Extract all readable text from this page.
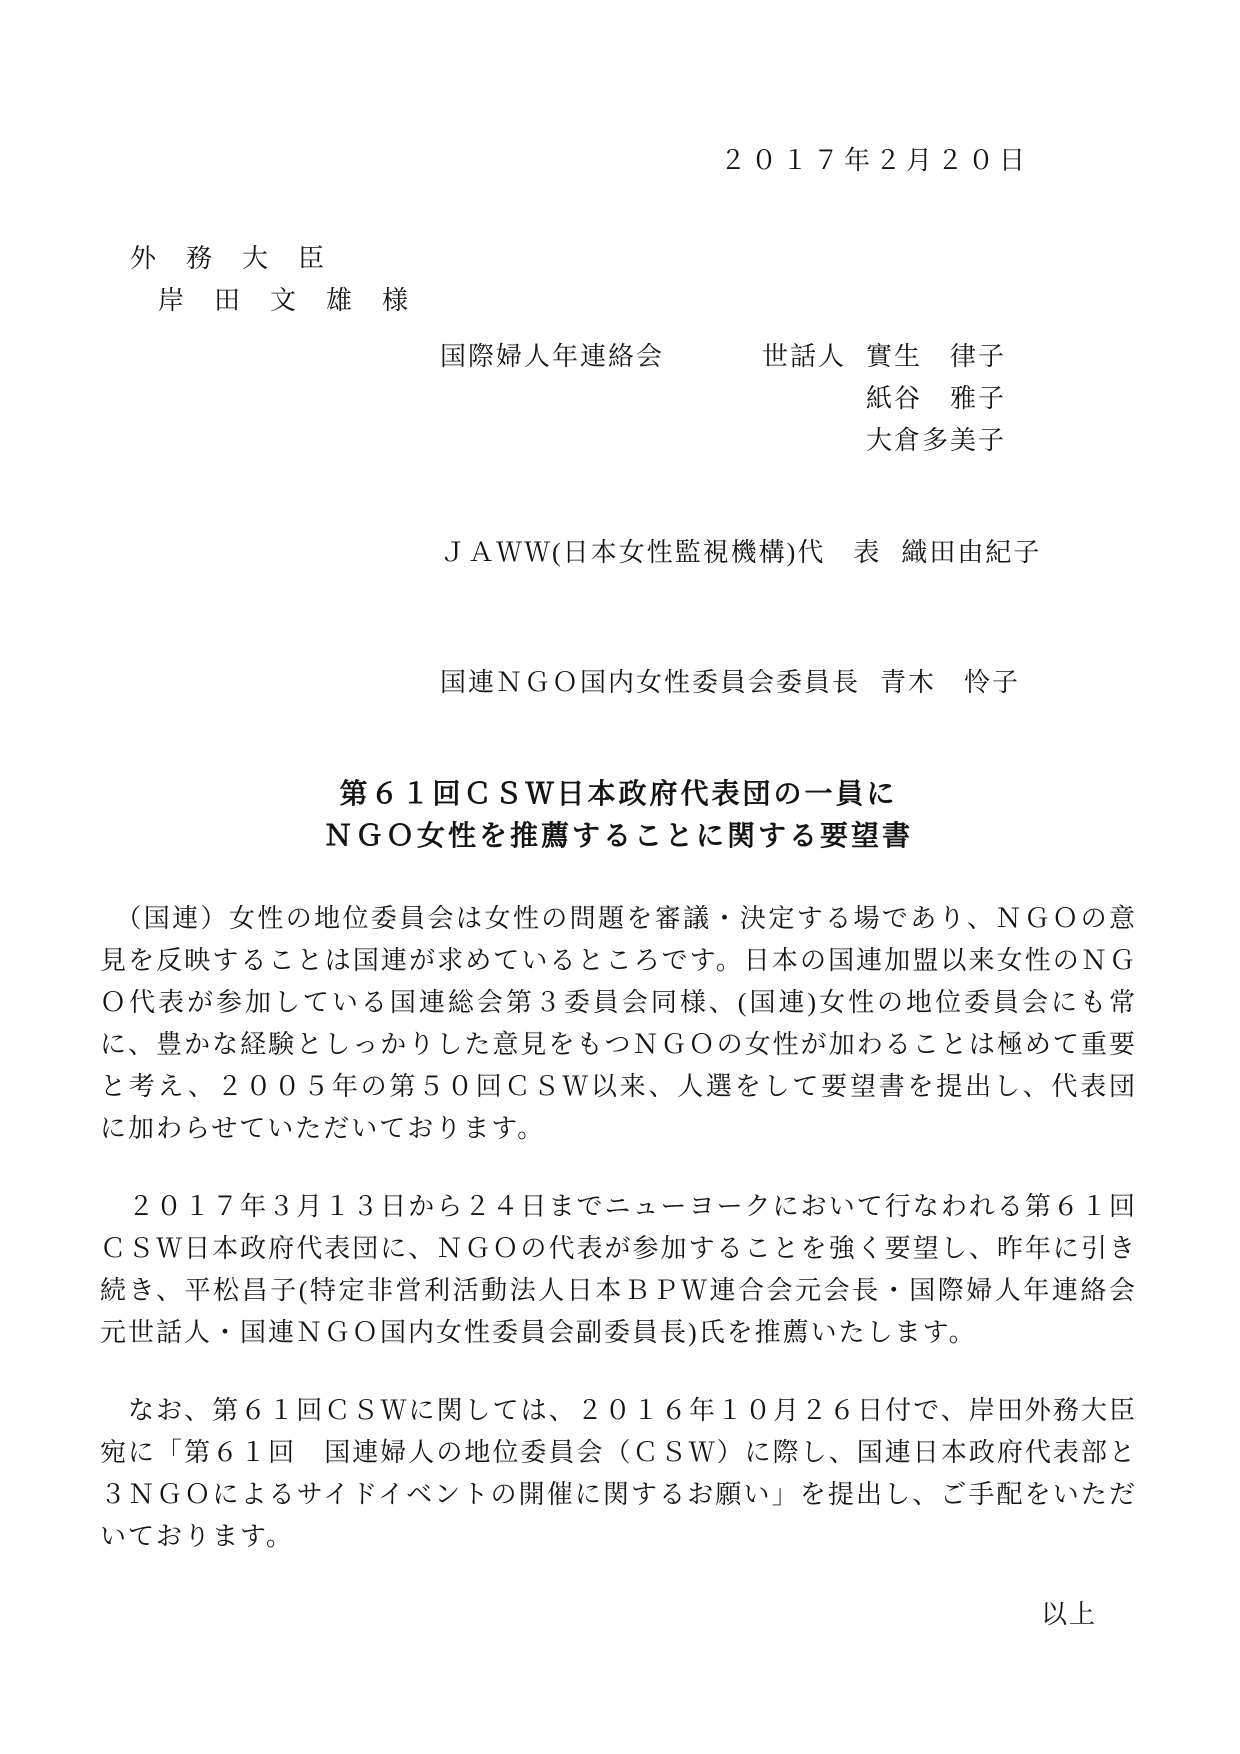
２０１７年２月２０日
外　務　大　臣
岸　田　文　雄　様
国際婦人年連絡会	世話人 實生　律子
紙谷　雅子
大倉多美子
ＪＡＷＷ(日本女性監視機構) 代　表 織田由紀子
国連ＮＧＯ国内女性委員会 委員長 青木　怜子
第６１回ＣＳＷ日本政府代表団の一員に
ＮＧＯ女性を推薦することに関する要望書

　（国連）女性の地位委員会は女性の問題を審議・決定する場であり、ＮＧＯの意見を反映することは国連が求めているところです。日本の国連加盟以来女性のＮＧＯ代表が参加している国連総会第３委員会同様、(国連)女性の地位委員会にも常に、豊かな経験としっかりした意見をもつＮＧＯの女性が加わることは極めて重要と考え、２００５年の第５０回ＣＳＷ以来、人選をして要望書を提出し、代表団に加わらせていただいております。

　２０１７年３月１３日から２４日までニューヨークにおいて行なわれる第６１回ＣＳＷ日本政府代表団に、ＮＧＯの代表が参加することを強く要望し、昨年に引き続き、平松昌子(特定非営利活動法人日本ＢＰＷ連合会元会長・国際婦人年連絡会元世話人・国連ＮＧＯ国内女性委員会副委員長)氏を推薦いたします。

　なお、第６１回ＣＳＷに関しては、２０１６年１０月２６日付で、岸田外務大臣宛に「第６１回　国連婦人の地位委員会（ＣＳＷ）に際し、国連日本政府代表部と３ＮＧＯによるサイドイベントの開催に関するお願い」を提出し、ご手配をいただいております。

以上
